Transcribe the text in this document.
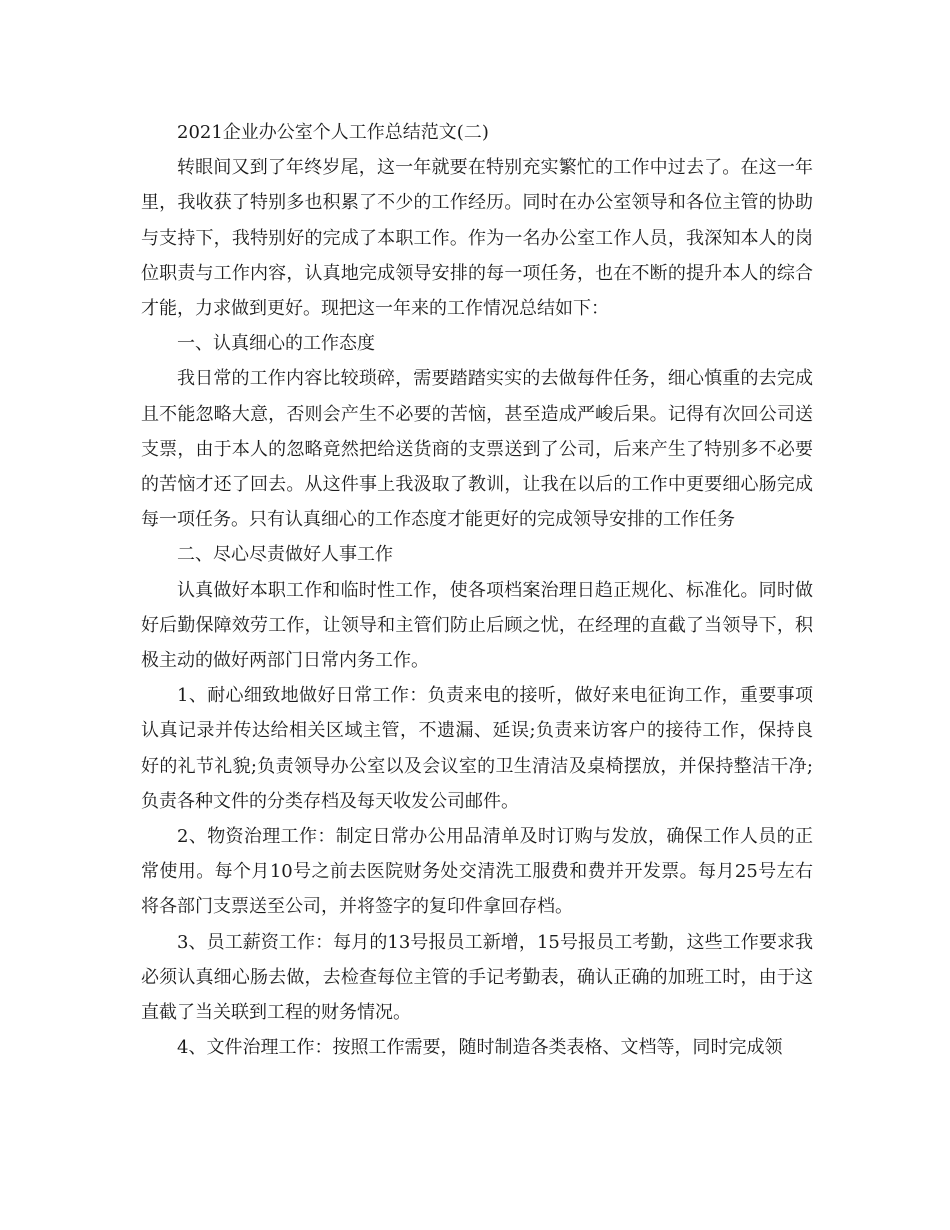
2021企业办公室个人工作总结范文(二)

转眼间又到了年终岁尾，这一年就要在特别充实繁忙的工作中过去了。在这一年里，我收获了特别多也积累了不少的工作经历。同时在办公室领导和各位主管的协助与支持下，我特别好的完成了本职工作。作为一名办公室工作人员，我深知本人的岗位职责与工作内容，认真地完成领导安排的每一项任务，也在不断的提升本人的综合才能，力求做到更好。现把这一年来的工作情况总结如下：

一、认真细心的工作态度

我日常的工作内容比较琐碎，需要踏踏实实的去做每件任务，细心慎重的去完成且不能忽略大意，否则会产生不必要的苦恼，甚至造成严峻后果。记得有次回公司送支票，由于本人的忽略竟然把给送货商的支票送到了公司，后来产生了特别多不必要的苦恼才还了回去。从这件事上我汲取了教训，让我在以后的工作中更要细心肠完成每一项任务。只有认真细心的工作态度才能更好的完成领导安排的工作任务

二、尽心尽责做好人事工作

认真做好本职工作和临时性工作，使各项档案治理日趋正规化、标准化。同时做好后勤保障效劳工作，让领导和主管们防止后顾之忧，在经理的直截了当领导下，积极主动的做好两部门日常内务工作。

1、耐心细致地做好日常工作：负责来电的接听，做好来电征询工作，重要事项认真记录并传达给相关区域主管，不遗漏、延误;负责来访客户的接待工作，保持良好的礼节礼貌;负责领导办公室以及会议室的卫生清洁及桌椅摆放，并保持整洁干净;负责各种文件的分类存档及每天收发公司邮件。

2、物资治理工作：制定日常办公用品清单及时订购与发放，确保工作人员的正常使用。每个月10号之前去医院财务处交清洗工服费和费并开发票。每月25号左右将各部门支票送至公司，并将签字的复印件拿回存档。

3、员工薪资工作：每月的13号报员工新增，15号报员工考勤，这些工作要求我必须认真细心肠去做，去检查每位主管的手记考勤表，确认正确的加班工时，由于这直截了当关联到工程的财务情况。

4、文件治理工作：按照工作需要，随时制造各类表格、文档等，同时完成领
